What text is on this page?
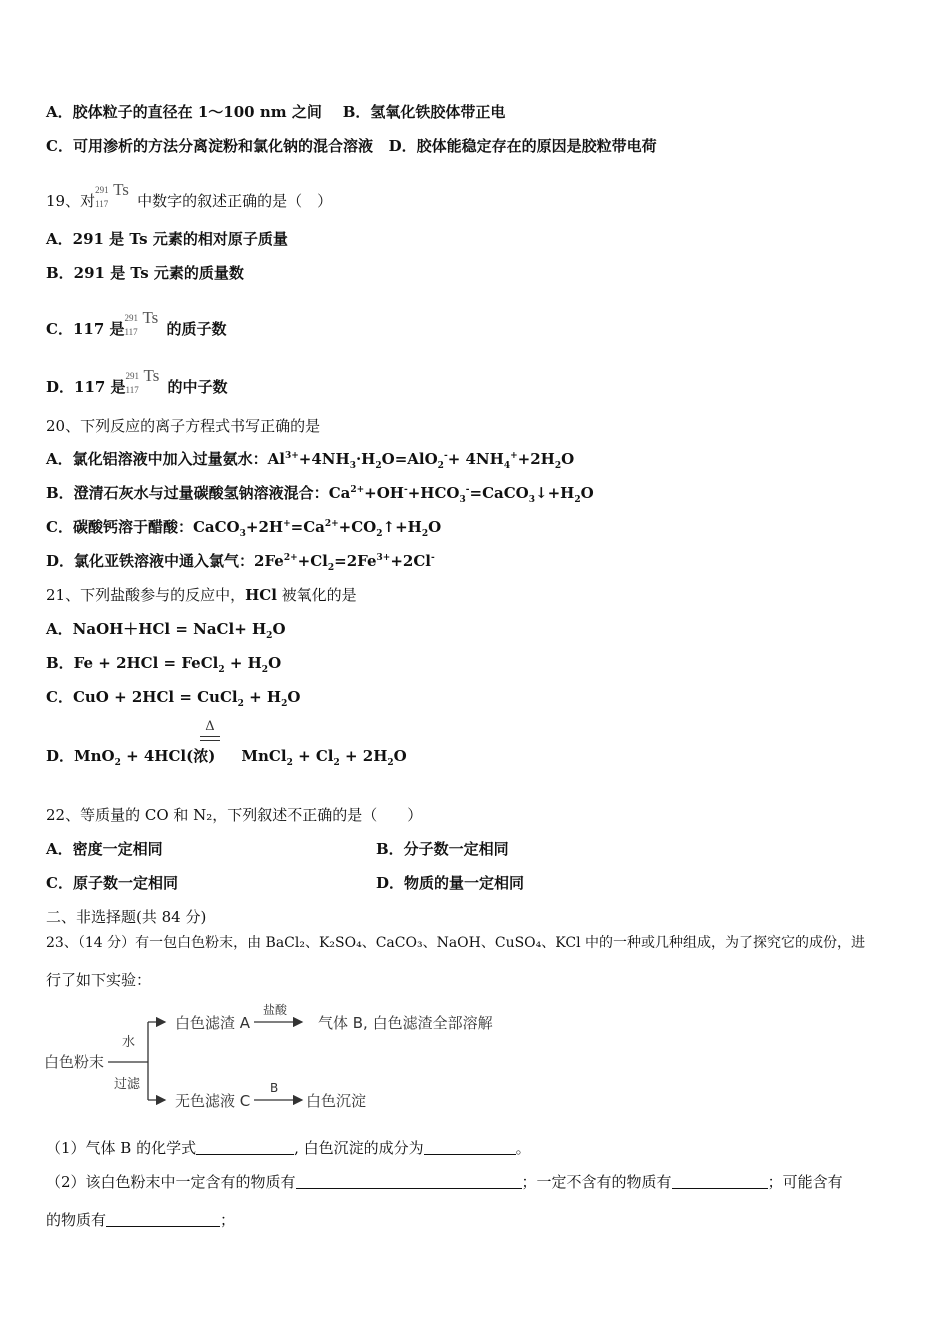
A．胶体粒子的直径在 1～100 nm 之间 B．氢氧化铁胶体带正电
C．可用渗析的方法分离淀粉和氯化钠的混合溶液 D．胶体能稳定存在的原因是胶粒带电荷
19、对
291
117
Ts
中数字的叙述正确的是（　）
A．291 是 Ts 元素的相对原子质量
B．291 是 Ts 元素的质量数
C．117 是
291
117
Ts
的质子数
D．117 是
291
117
Ts
的中子数
20、下列反应的离子方程式书写正确的是
A．氯化铝溶液中加入过量氨水：$Al^{3+}+4NH_3\cdot H_2O=AlO_2^-+ 4NH_4^++2H_2O$
B．澄清石灰水与过量碳酸氢钠溶液混合：$Ca^{2+}+OH^-+HCO_3^-=CaCO_3↓+H_2O$
C．碳酸钙溶于醋酸：$CaCO_3+2H^+=Ca^{2+}+CO_2↑+H_2O$
D．氯化亚铁溶液中通入氯气：$2Fe^{2+}+Cl_2=2Fe^{3+}+2Cl^-$
21、下列盐酸参与的反应中，HCl 被氧化的是
A．NaOH＋HCl = NaCl+ $H_2O$
B．Fe + 2HCl = FeCl$_2$ + $H_2O$
C．CuO + 2HCl = CuCl$_2$ + $H_2O$
Δ
D．MnO$_2$ + 4HCl(浓)     MnCl$_2$ + $Cl_2 + 2H_2O$
22、等质量的 CO 和 N₂，下列叙述不正确的是（　　）
A．密度一定相同	B．分子数一定相同
C．原子数一定相同	D．物质的量一定相同
二、非选择题(共 84 分)
23、（14 分）有一包白色粉末，由 BaCl₂、K₂SO₄、CaCO₃、NaOH、CuSO₄、KCl 中的一种或几种组成，为了探究它的成份，进
行了如下实验：
白色粉末
水
过滤
白色滤渣 A
盐酸
气体 B, 白色滤渣全部溶解
无色滤液 C
B
白色沉淀
（1）气体 B 的化学式	, 白色沉淀的成分为	。
（2）该白色粉末中一定含有的物质有	；一定不含有的物质有	；可能含有
的物质有	；
